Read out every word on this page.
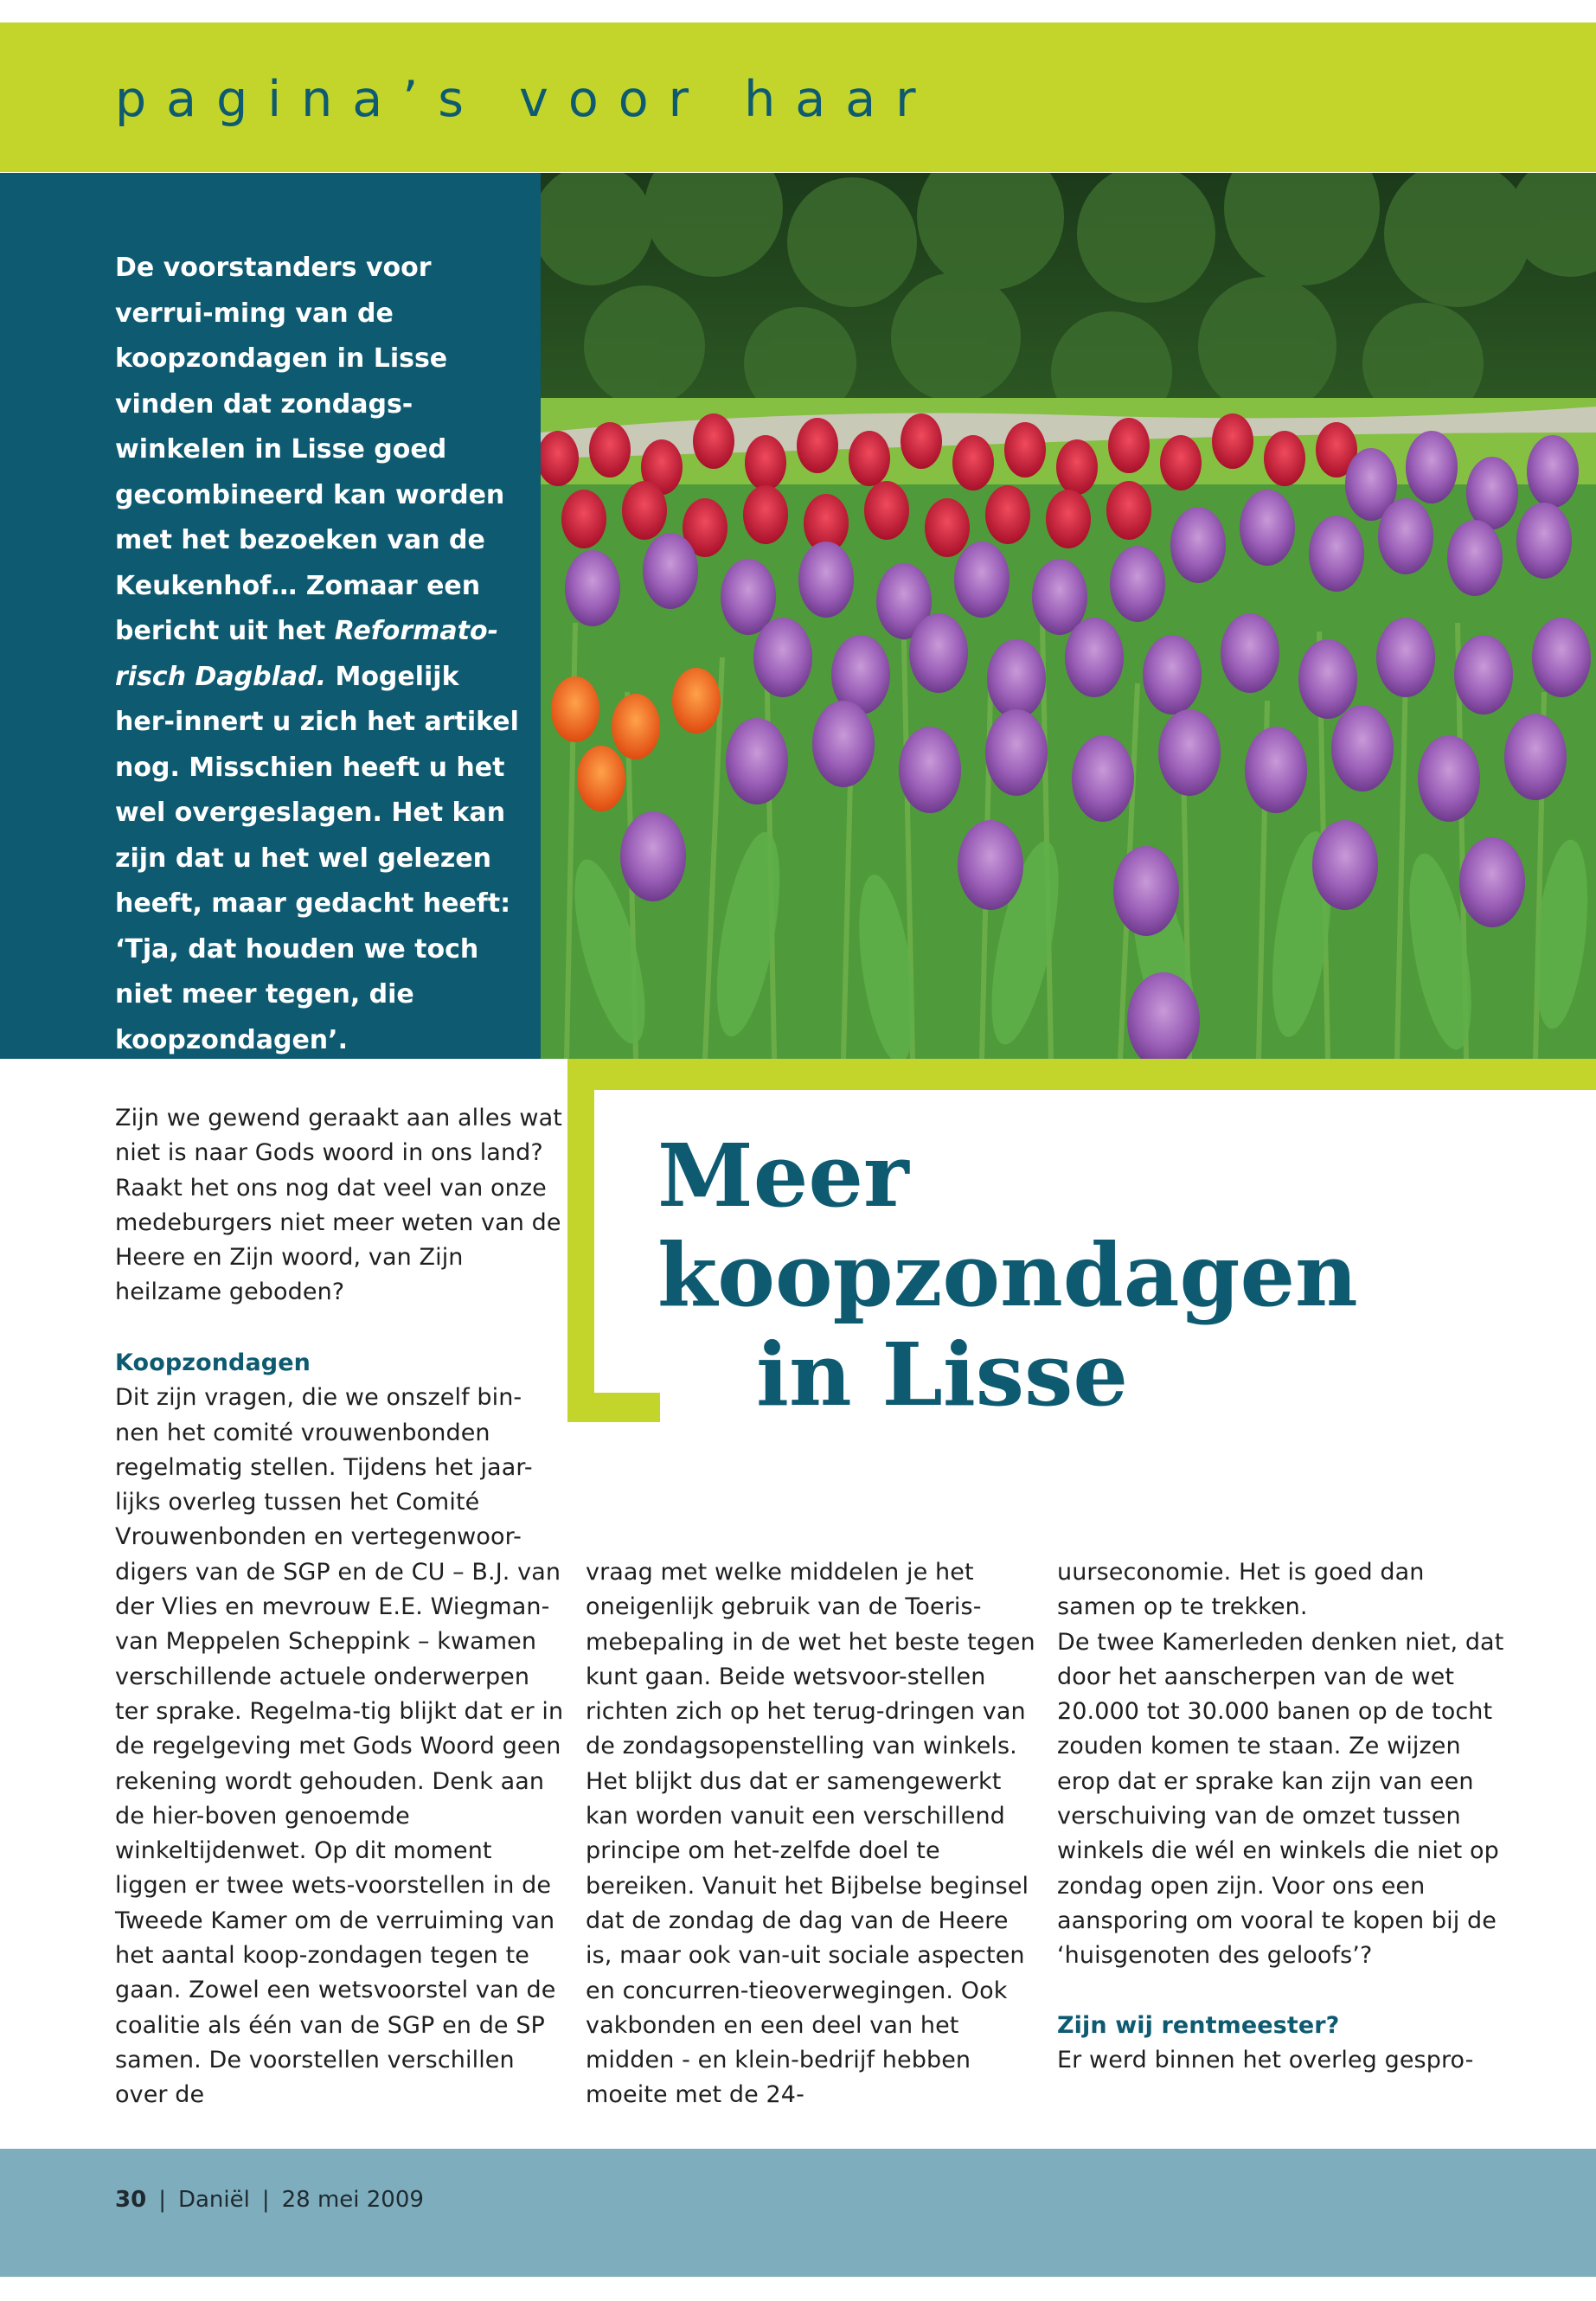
pagina’s voor haar

De voorstanders voor verrui-ming van de koopzondagen in Lisse vinden dat zondags-winkelen in Lisse goed gecombineerd kan worden met het bezoeken van de Keukenhof… Zomaar een bericht uit het Reformato-risch Dagblad. Mogelijk her-innert u zich het artikel nog. Misschien heeft u het wel overgeslagen. Het kan zijn dat u het wel gelezen heeft, maar gedacht heeft: ‘Tja, dat houden we toch niet meer tegen, die koopzondagen’.

Meer koopzondagen
in Lisse

Zijn we gewend geraakt aan alles wat niet is naar Gods woord in ons land? Raakt het ons nog dat veel van onze medeburgers niet meer weten van de Heere en Zijn woord, van Zijn heilzame geboden?

Koopzondagen

Dit zijn vragen, die we onszelf bin-nen het comité vrouwenbonden regelmatig stellen. Tijdens het jaar-lijks overleg tussen het Comité Vrouwenbonden en vertegenwoor-digers van de SGP en de CU – B.J. van der Vlies en mevrouw E.E. Wiegman-van Meppelen Scheppink – kwamen verschillende actuele onderwerpen ter sprake. Regelma-tig blijkt dat er in de regelgeving met Gods Woord geen rekening wordt gehouden. Denk aan de hier-boven genoemde winkeltijdenwet. Op dit moment liggen er twee wets-voorstellen in de Tweede Kamer om de verruiming van het aantal koop-zondagen tegen te gaan. Zowel een wetsvoorstel van de coalitie als één van de SGP en de SP samen. De voorstellen verschillen over de

vraag met welke middelen je het oneigenlijk gebruik van de Toeris-mebepaling in de wet het beste tegen kunt gaan. Beide wetsvoor-stellen richten zich op het terug-dringen van de zondagsopenstelling van winkels. Het blijkt dus dat er samengewerkt kan worden vanuit een verschillend principe om het-zelfde doel te bereiken. Vanuit het Bijbelse beginsel dat de zondag de dag van de Heere is, maar ook van-uit sociale aspecten en concurren-tieoverwegingen. Ook vakbonden en een deel van het midden - en klein-bedrijf hebben moeite met de 24-

uurseconomie. Het is goed dan samen op te trekken.

De twee Kamerleden denken niet, dat door het aanscherpen van de wet 20.000 tot 30.000 banen op de tocht zouden komen te staan. Ze wijzen erop dat er sprake kan zijn van een verschuiving van de omzet tussen winkels die wél en winkels die niet op zondag open zijn. Voor ons een aansporing om vooral te kopen bij de ‘huisgenoten des geloofs’?

Zijn wij rentmeester?

Er werd binnen het overleg gespro-

30 | Daniël | 28 mei 2009
